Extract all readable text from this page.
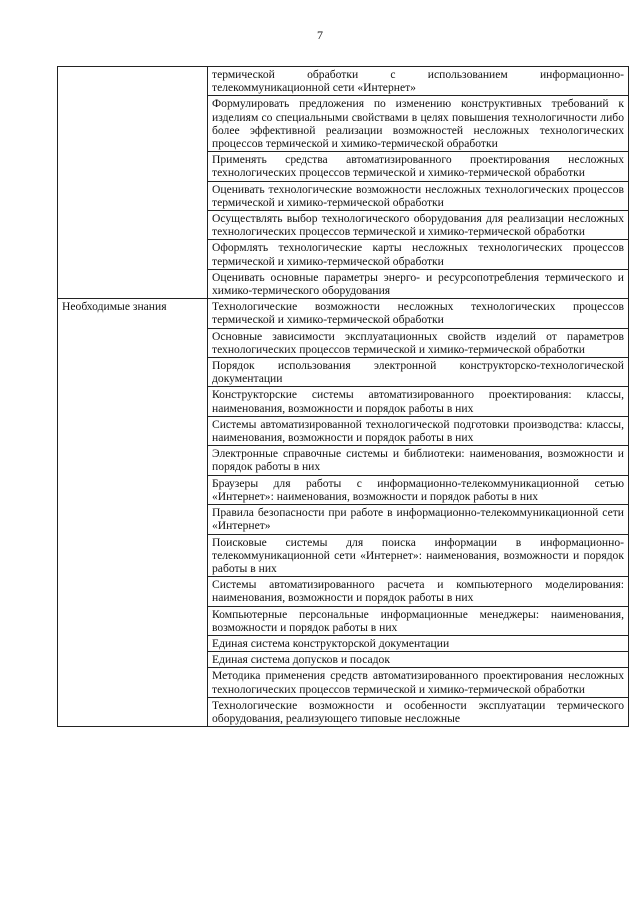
7
	термической обработки с использованием информационно-телекоммуникационной сети «Интернет»
	Формулировать предложения по изменению конструктивных требований к изделиям со специальными свойствами в целях повышения технологичности либо более эффективной реализации возможностей несложных технологических процессов термической и химико-термической обработки
	Применять средства автоматизированного проектирования несложных технологических процессов термической и химико-термической обработки
	Оценивать технологические возможности несложных технологических процессов термической и химико-термической обработки
	Осуществлять выбор технологического оборудования для реализации несложных технологических процессов термической и химико-термической обработки
	Оформлять технологические карты несложных технологических процессов термической и химико-термической обработки
	Оценивать основные параметры энерго- и ресурсопотребления термического и химико-термического оборудования
Необходимые знания	Технологические возможности несложных технологических процессов термической и химико-термической обработки
	Основные зависимости эксплуатационных свойств изделий от параметров технологических процессов термической и химико-термической обработки
	Порядок использования электронной конструкторско-технологической документации
	Конструкторские системы автоматизированного проектирования: классы, наименования, возможности и порядок работы в них
	Системы автоматизированной технологической подготовки производства: классы, наименования, возможности и порядок работы в них
	Электронные справочные системы и библиотеки: наименования, возможности и порядок работы в них
	Браузеры для работы с информационно-телекоммуникационной сетью «Интернет»: наименования, возможности и порядок работы в них
	Правила безопасности при работе в информационно-телекоммуникационной сети «Интернет»
	Поисковые системы для поиска информации в информационно-телекоммуникационной сети «Интернет»: наименования, возможности и порядок работы в них
	Системы автоматизированного расчета и компьютерного моделирования: наименования, возможности и порядок работы в них
	Компьютерные персональные информационные менеджеры: наименования, возможности и порядок работы в них
	Единая система конструкторской документации
	Единая система допусков и посадок
	Методика применения средств автоматизированного проектирования несложных технологических процессов термической и химико-термической обработки
	Технологические возможности и особенности эксплуатации термического оборудования, реализующего типовые несложные
